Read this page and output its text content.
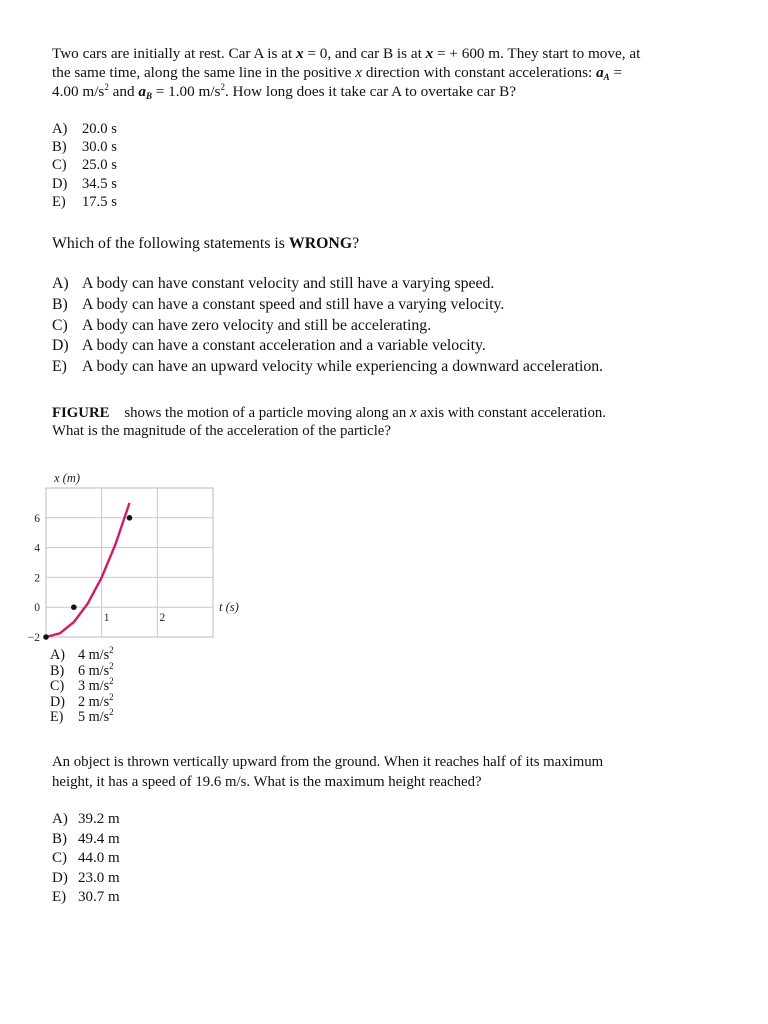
Two cars are initially at rest. Car A is at x = 0, and car B is at x = + 600 m. They start to move, at
the same time, along the same line in the positive x direction with constant accelerations: $a_A$ =
4.00 $m/s^2$ and $a_B = 1.00$ $m/s^2$. How long does it take car A to overtake car B?
A) 20.0 s
B)	30.0 s
C)	25.0 s
D) 34.5 s
E)	17.5 s
Which of the following statements is WRONG?
A) A body can have constant velocity and still have a varying speed.
B) A body can have a constant speed and still have a varying velocity.
C) A body can have zero velocity and still be accelerating.
D) A body can have a constant acceleration and a variable velocity.
E) A body can have an upward velocity while experiencing a downward acceleration.
FIGURE shows the motion of a particle moving along an x axis with constant acceleration.
What is the magnitude of the acceleration of the particle?
6
4
2
0
−2
1	2
x (m)
t (s)
A) 4 $m/s^2$
B) 6 $m/s^2$
C) 3 $m/s^2$
D) 2 $m/s^2$
E)	5 $m/s^2$
An object is thrown vertically upward from the ground. When it reaches half of its maximum
height, it has a speed of 19.6 m/s. What is the maximum height reached?
A) 39.2 m
B) 49.4 m
C) 44.0 m
D) 23.0 m
E) 30.7 m
